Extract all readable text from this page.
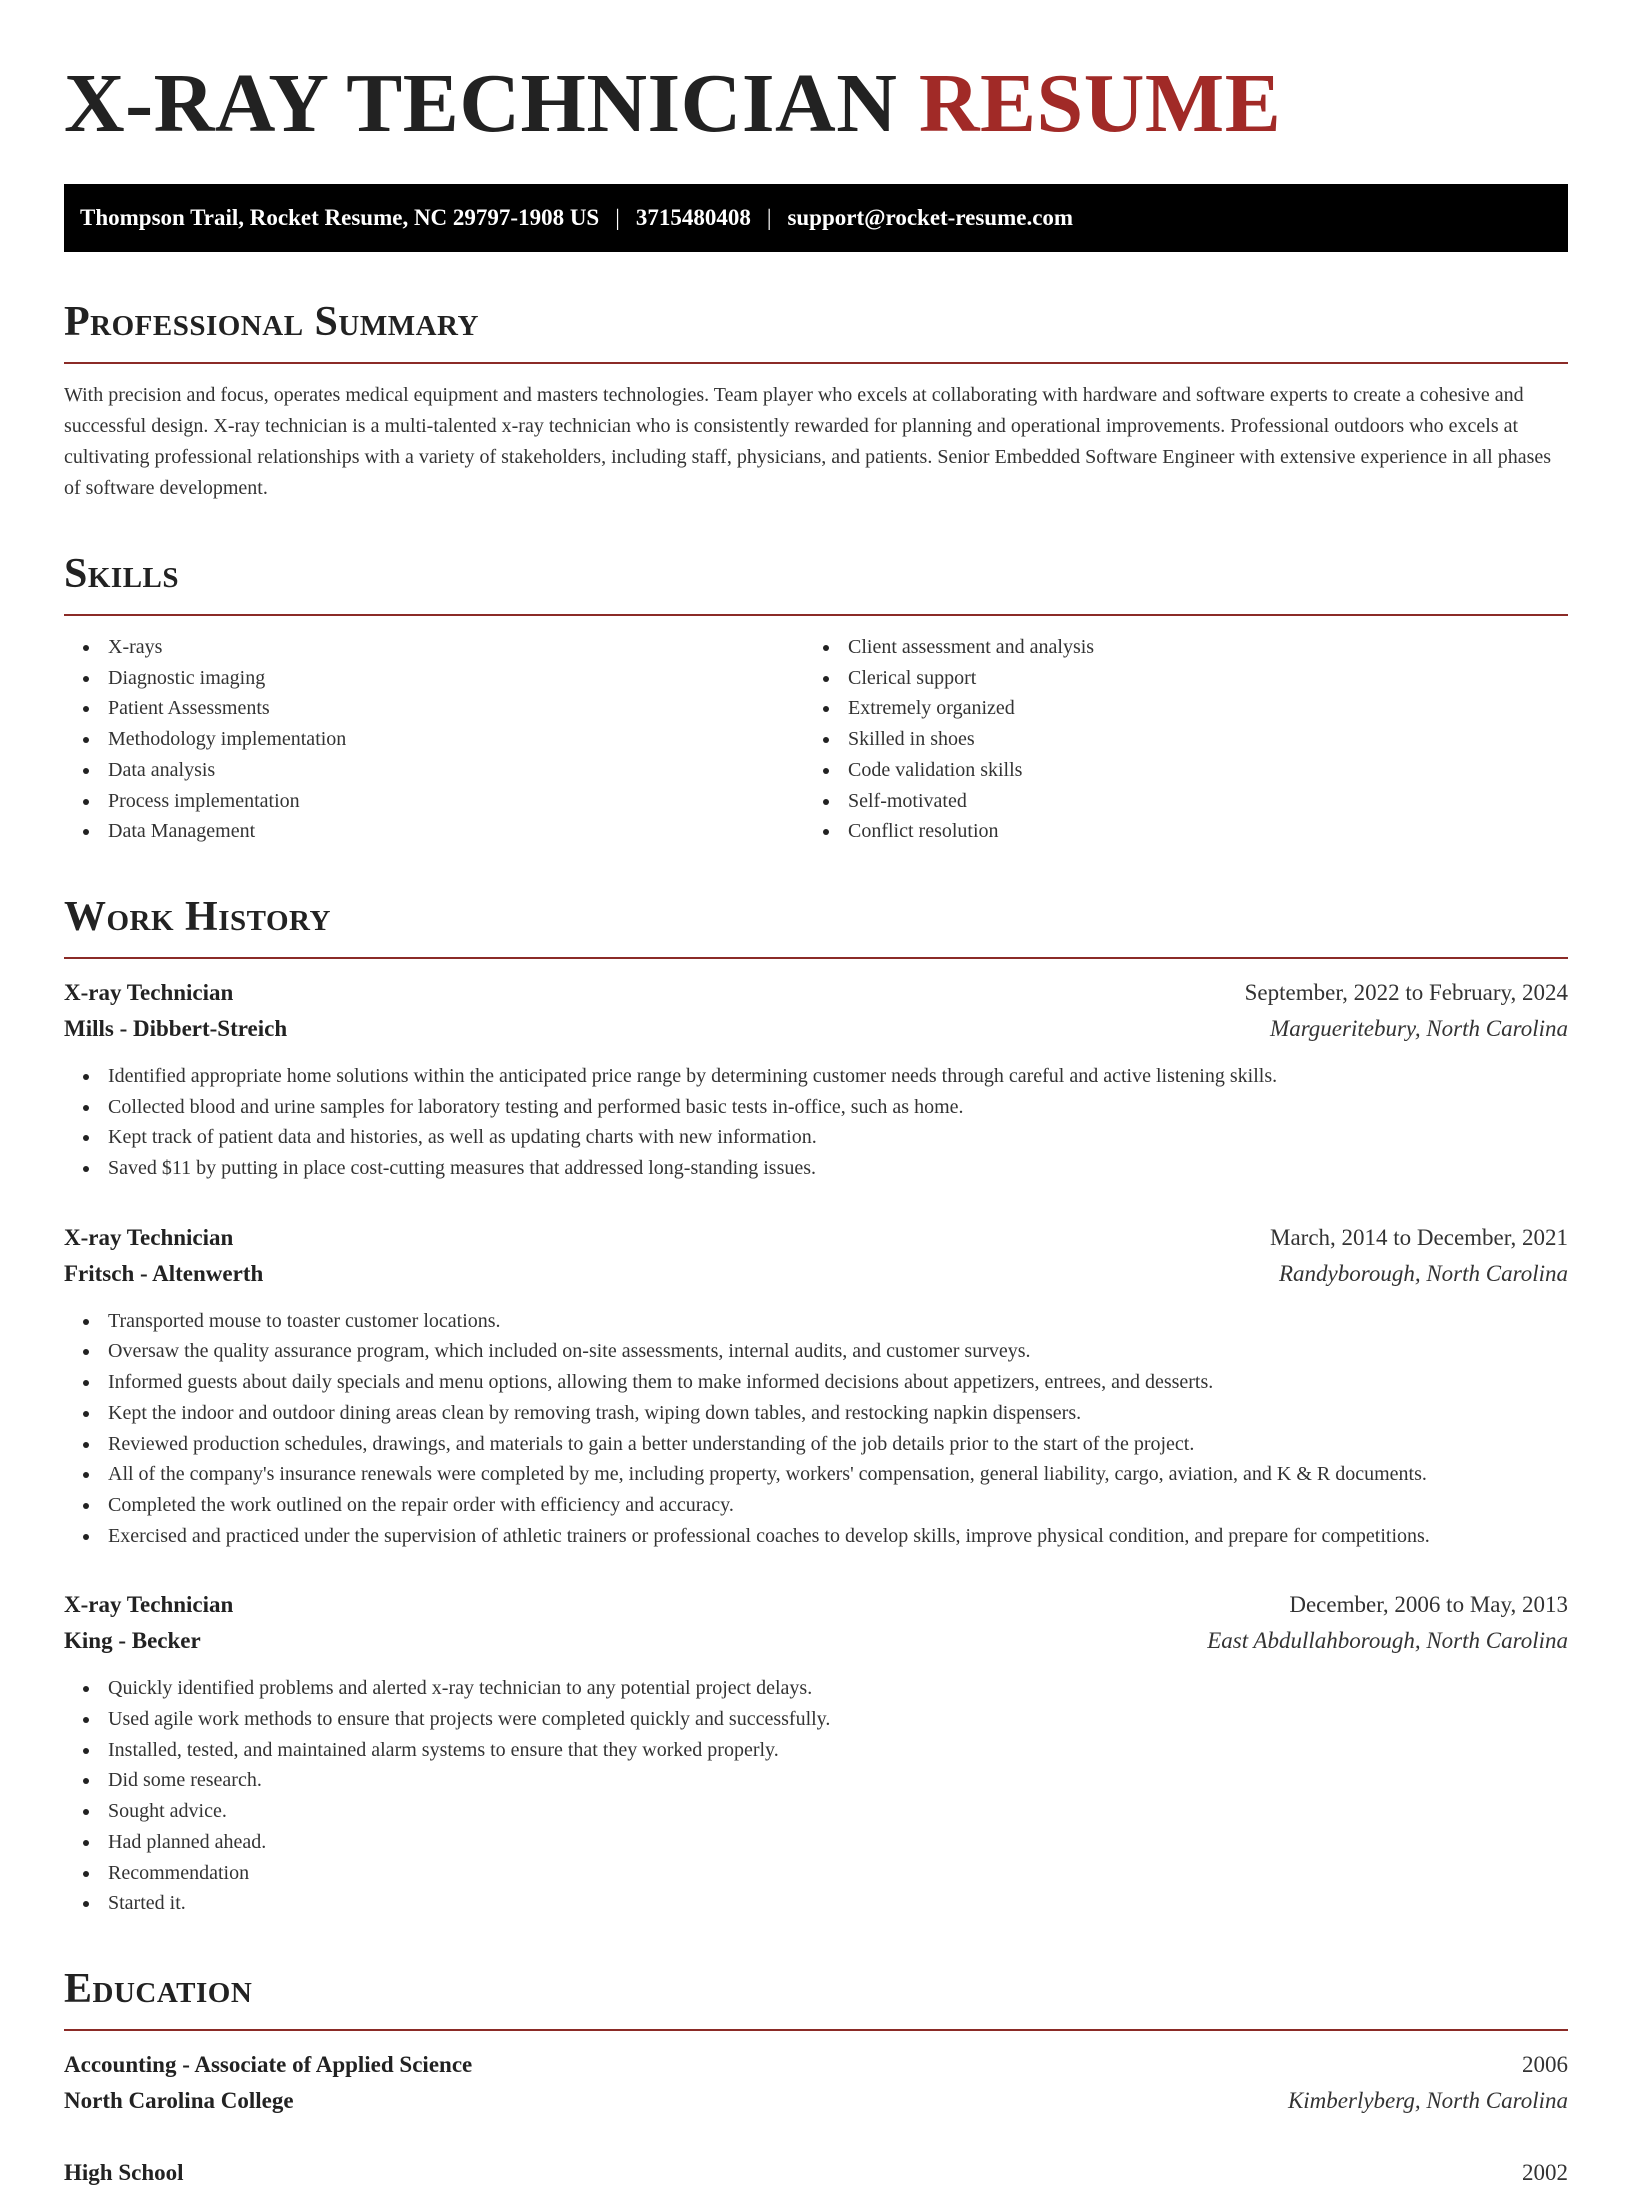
X-RAY TECHNICIAN RESUME
Thompson Trail, Rocket Resume, NC 29797-1908 US | 3715480408 | support@rocket-resume.com
Professional Summary

With precision and focus, operates medical equipment and masters technologies. Team player who excels at collaborating with hardware and software experts to create a cohesive and successful design. X-ray technician is a multi-talented x-ray technician who is consistently rewarded for planning and operational improvements. Professional outdoors who excels at cultivating professional relationships with a variety of stakeholders, including staff, physicians, and patients. Senior Embedded Software Engineer with extensive experience in all phases of software development.

Skills
X-rays
Diagnostic imaging
Patient Assessments
Methodology implementation
Data analysis
Process implementation
Data Management
Client assessment and analysis
Clerical support
Extremely organized
Skilled in shoes
Code validation skills
Self-motivated
Conflict resolution
Work History
X-ray Technician	September, 2022 to February, 2024
Mills - Dibbert-Streich	Margueritebury, North Carolina
Identified appropriate home solutions within the anticipated price range by determining customer needs through careful and active listening skills.
Collected blood and urine samples for laboratory testing and performed basic tests in-office, such as home.
Kept track of patient data and histories, as well as updating charts with new information.
Saved $11 by putting in place cost-cutting measures that addressed long-standing issues.
X-ray Technician	March, 2014 to December, 2021
Fritsch - Altenwerth	Randyborough, North Carolina
Transported mouse to toaster customer locations.
Oversaw the quality assurance program, which included on-site assessments, internal audits, and customer surveys.
Informed guests about daily specials and menu options, allowing them to make informed decisions about appetizers, entrees, and desserts.
Kept the indoor and outdoor dining areas clean by removing trash, wiping down tables, and restocking napkin dispensers.
Reviewed production schedules, drawings, and materials to gain a better understanding of the job details prior to the start of the project.
All of the company's insurance renewals were completed by me, including property, workers' compensation, general liability, cargo, aviation, and K & R documents.
Completed the work outlined on the repair order with efficiency and accuracy.
Exercised and practiced under the supervision of athletic trainers or professional coaches to develop skills, improve physical condition, and prepare for competitions.
X-ray Technician	December, 2006 to May, 2013
King - Becker	East Abdullahborough, North Carolina
Quickly identified problems and alerted x-ray technician to any potential project delays.
Used agile work methods to ensure that projects were completed quickly and successfully.
Installed, tested, and maintained alarm systems to ensure that they worked properly.
Did some research.
Sought advice.
Had planned ahead.
Recommendation
Started it.
Education
Accounting - Associate of Applied Science	2006
North Carolina College	Kimberlyberg, North Carolina
High School	2002
